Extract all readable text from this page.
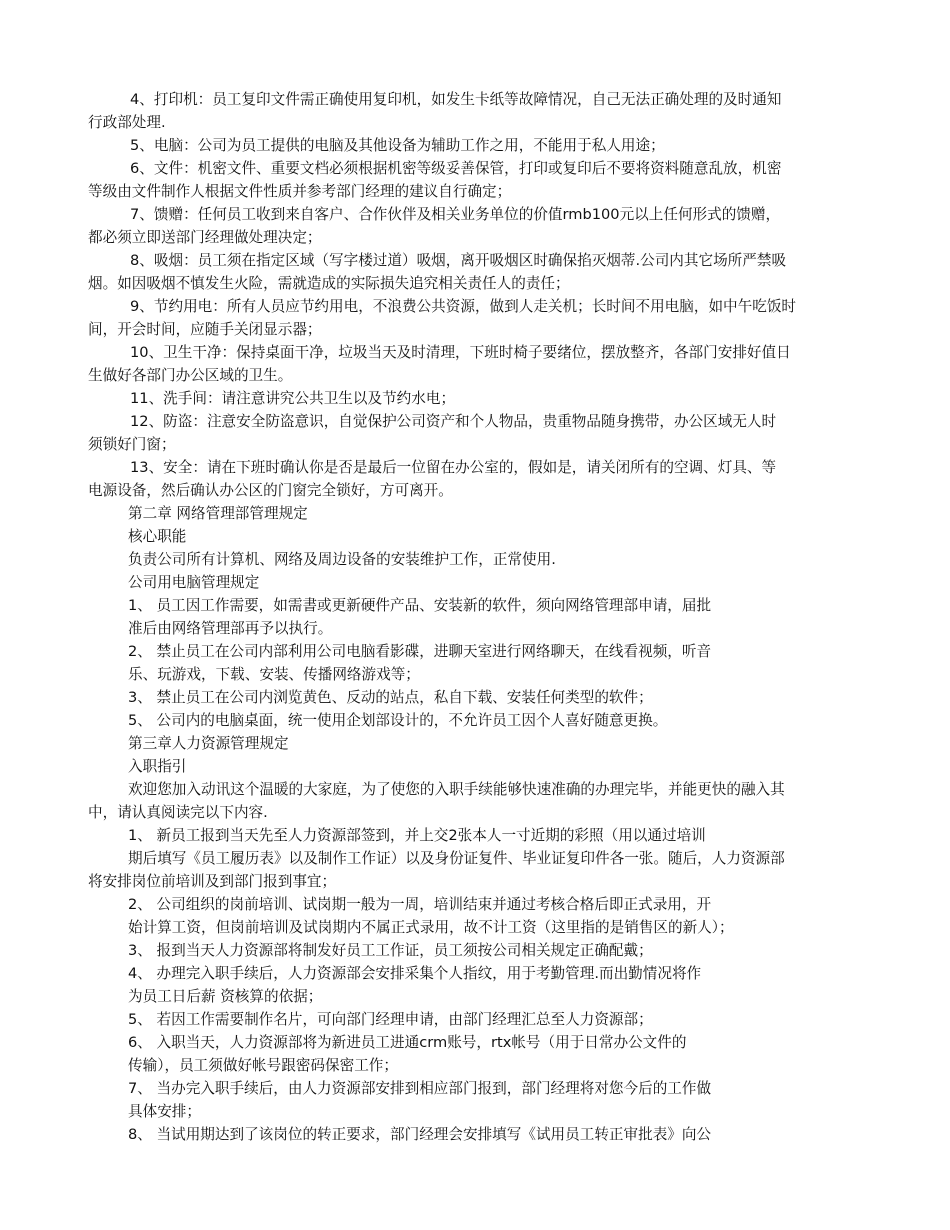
4、打印机：员工复印文件需正确使用复印机，如发生卡纸等故障情况，自己无法正确处理的及时通知
行政部处理.
5、电脑：公司为员工提供的电脑及其他设备为辅助工作之用，不能用于私人用途；
6、文件：机密文件、重要文档必须根据机密等级妥善保管，打印或复印后不要将资料随意乱放，机密
等级由文件制作人根据文件性质并参考部门经理的建议自行确定；
7、馈赠：任何员工收到来自客户、合作伙伴及相关业务单位的价值rmb100元以上任何形式的馈赠，
都必须立即送部门经理做处理决定；
8、吸烟：员工须在指定区域（写字楼过道）吸烟，离开吸烟区时确保掐灭烟蒂.公司内其它场所严禁吸
烟。如因吸烟不慎发生火险，需就造成的实际损失追究相关责任人的责任；
9、节约用电：所有人员应节约用电，不浪费公共资源，做到人走关机；长时间不用电脑，如中午吃饭时
间，开会时间，应随手关闭显示器；
10、卫生干净：保持桌面干净，垃圾当天及时清理，下班时椅子要绪位，摆放整齐，各部门安排好值日
生做好各部门办公区域的卫生。
11、洗手间：请注意讲究公共卫生以及节约水电；
12、防盗：注意安全防盗意识，自觉保护公司资产和个人物品，贵重物品随身携带，办公区域无人时
须锁好门窗；
13、安全：请在下班时确认你是否是最后一位留在办公室的，假如是，请关闭所有的空调、灯具、等
电源设备，然后确认办公区的门窗完全锁好，方可离开。
第二章 网络管理部管理规定
核心职能
负责公司所有计算机、网络及周边设备的安装维护工作，正常使用.
公司用电脑管理规定
1、 员工因工作需要，如需書或更新硬件产品、安装新的软件，须向网络管理部申请，届批
准后由网络管理部再予以执行。
2、 禁止员工在公司内部利用公司电脑看影碟，进聊天室进行网络聊天，在线看视频，听音
乐、玩游戏，下载、安装、传播网络游戏等；
3、 禁止员工在公司内浏览黄色、反动的站点，私自下载、安装任何类型的软件；
5、 公司内的电脑桌面，统一使用企划部设计的，不允许员工因个人喜好随意更换。
第三章人力资源管理规定
入职指引
欢迎您加入动讯这个温暖的大家庭，为了使您的入职手续能够快速准确的办理完毕，并能更快的融入其
中，请认真阅读完以下内容.
1、 新员工报到当天先至人力资源部签到，并上交2张本人一寸近期的彩照（用以通过培训
期后填写《员工履历表》以及制作工作证）以及身份证复件、毕业证复印件各一张。随后，人力资源部
将安排岗位前培训及到部门报到事宜；
2、 公司组织的岗前培训、试岗期一般为一周，培训结束并通过考核合格后即正式录用，开
始计算工资，但岗前培训及试岗期内不属正式录用，故不计工资（这里指的是销售区的新人）；
3、 报到当天人力资源部将制发好员工工作证，员工须按公司相关规定正确配戴；
4、 办理完入职手续后，人力资源部会安排采集个人指纹，用于考勤管理.而出勤情况将作
为员工日后薪 资核算的依据；
5、 若因工作需要制作名片，可向部门经理申请，由部门经理汇总至人力资源部；
6、 入职当天，人力资源部将为新进员工进通crm账号，rtx帐号（用于日常办公文件的
传输），员工须做好帐号跟密码保密工作；
7、 当办完入职手续后，由人力资源部安排到相应部门报到，部门经理将对您今后的工作做
具体安排；
8、 当试用期达到了该岗位的转正要求，部门经理会安排填写《试用员工转正审批表》向公
